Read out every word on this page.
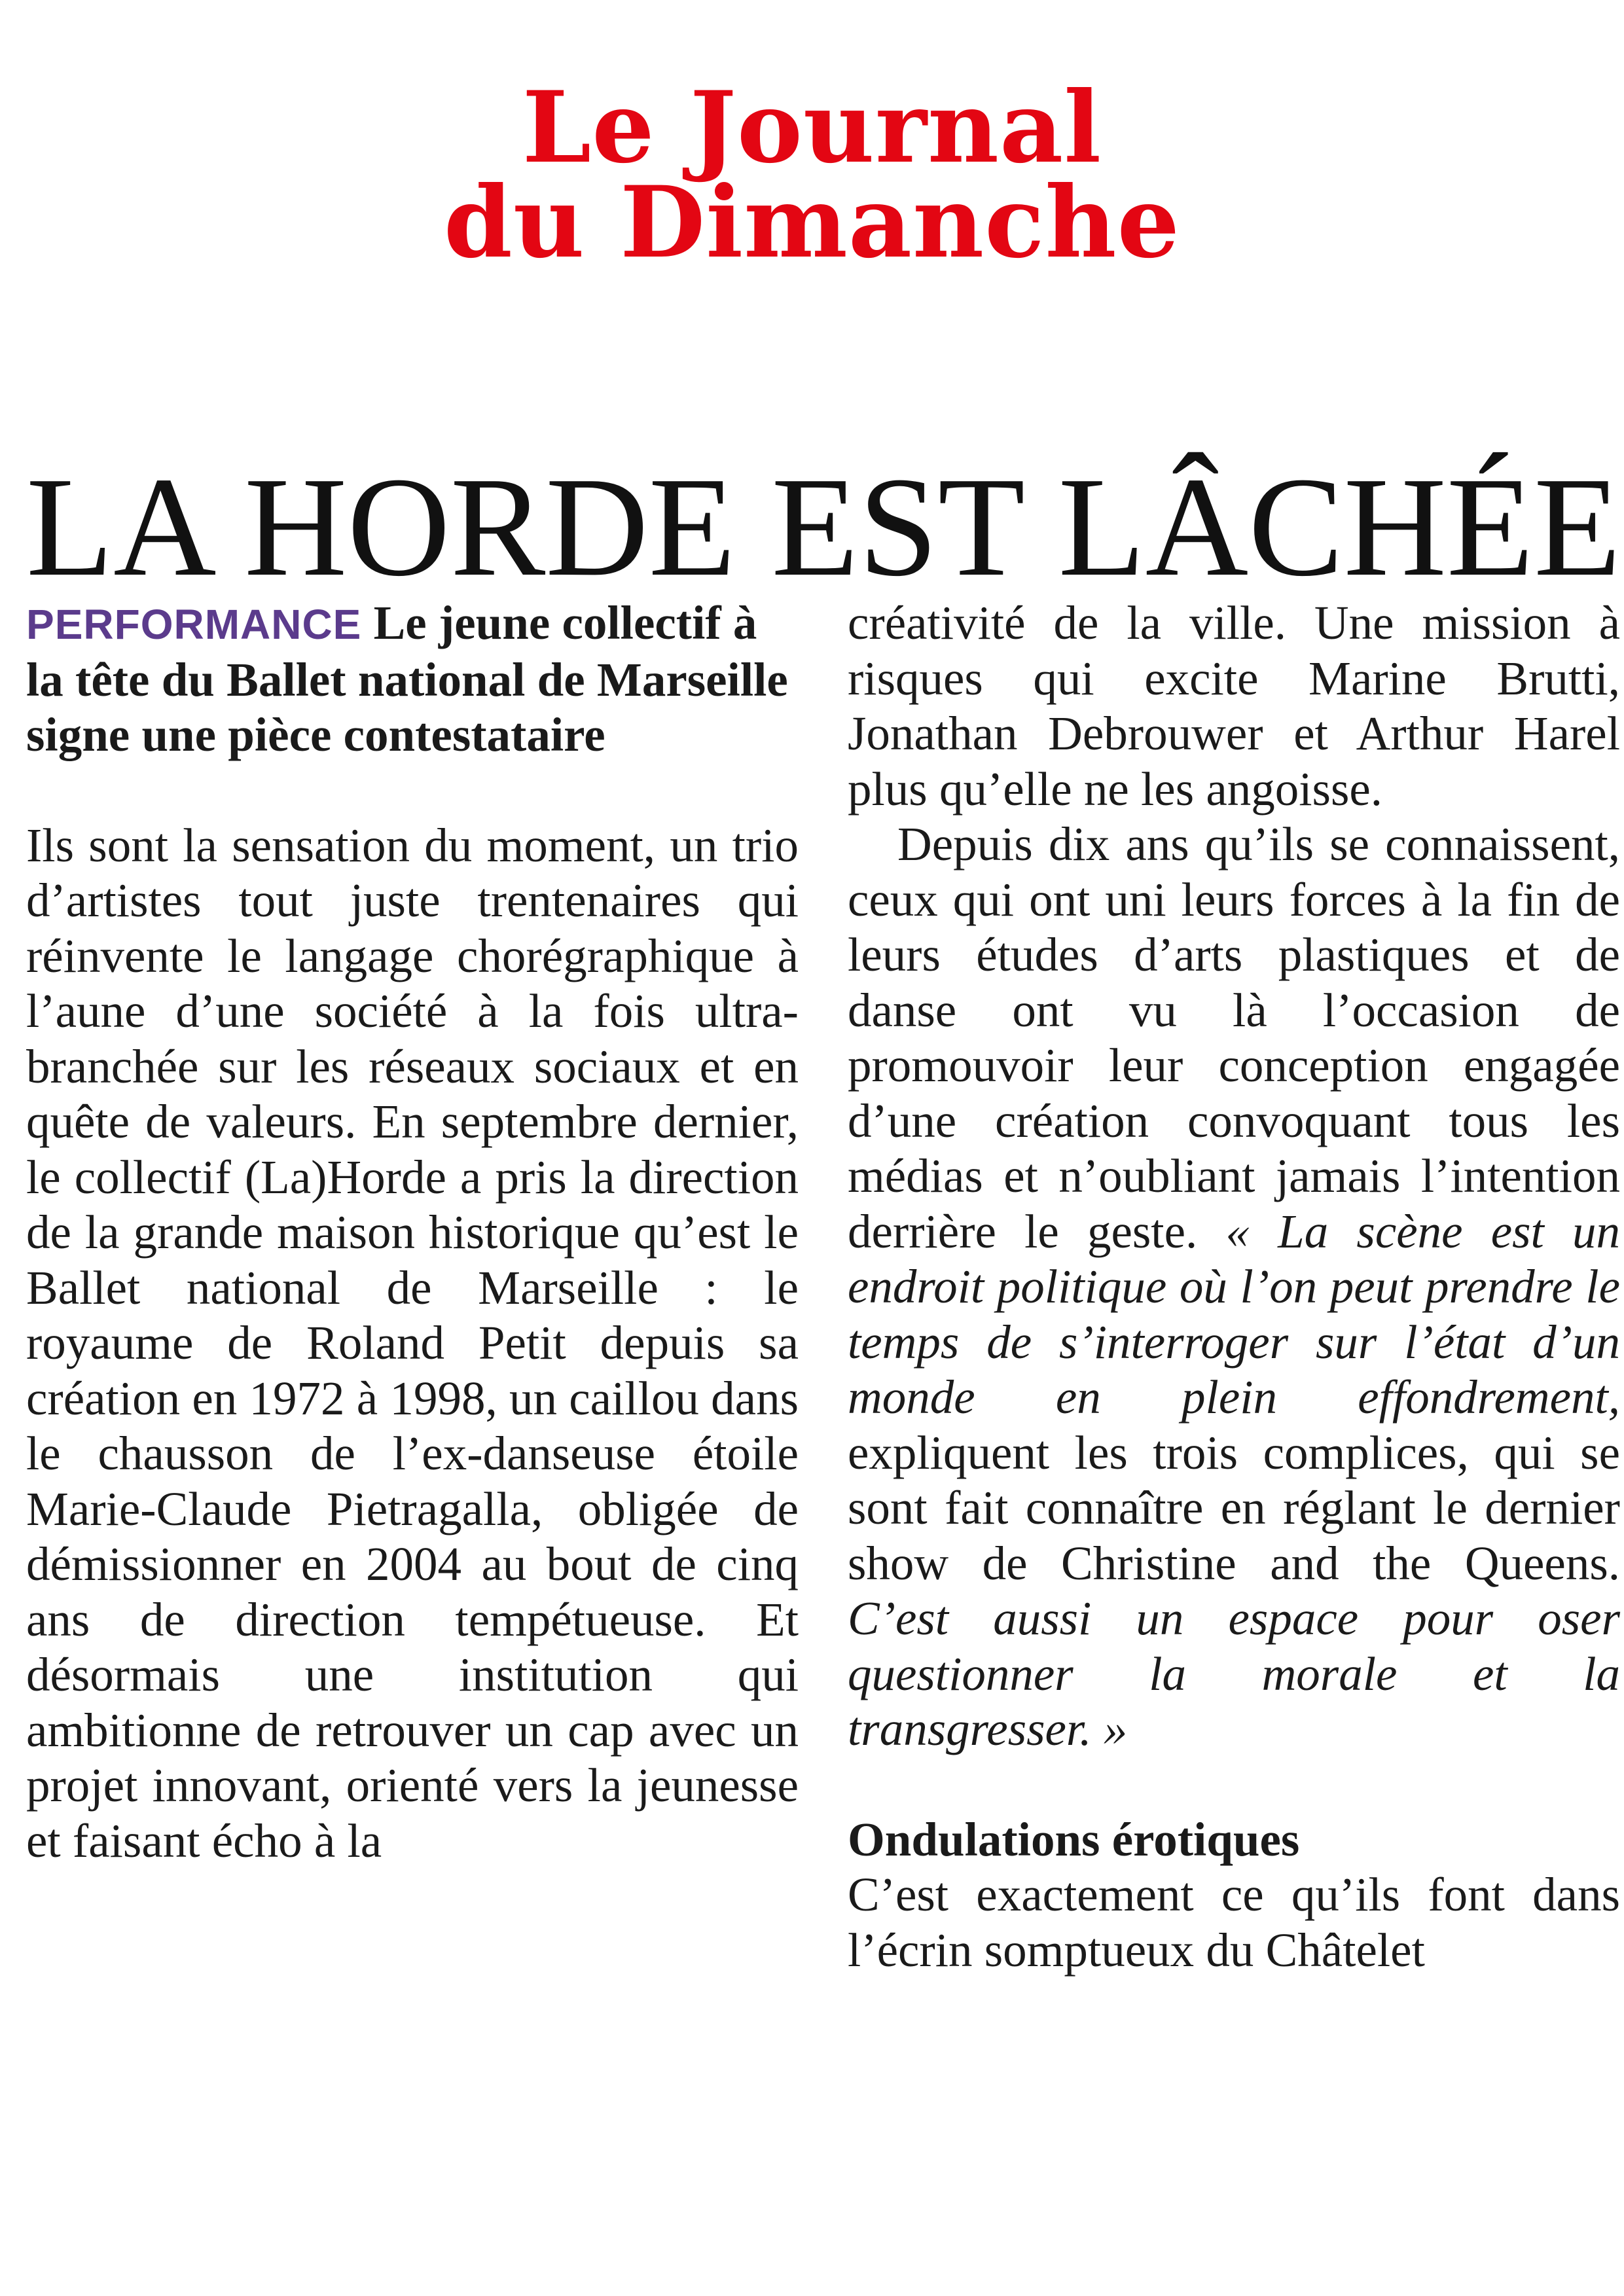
Le Journal
du Dimanche
LA HORDE EST LÂCHÉE

PERFORMANCE Le jeune collectif à la tête du Ballet national de Marseille signe une pièce contestataire

Ils sont la sensation du moment, un trio d’artistes tout juste trentenaires qui réinvente le langage chorégraphique à l’aune d’une société à la fois ultra-branchée sur les réseaux sociaux et en quête de valeurs. En septembre dernier, le collectif (La)Horde a pris la direction de la grande maison historique qu’est le Ballet national de Marseille : le royaume de Roland Petit depuis sa création en 1972 à 1998, un caillou dans le chausson de l’ex-danseuse étoile Marie-Claude Pietragalla, obligée de démissionner en 2004 au bout de cinq ans de direction tempétueuse. Et désormais une institution qui ambitionne de retrouver un cap avec un projet innovant, orienté vers la jeunesse et faisant écho à la

créativité de la ville. Une mission à risques qui excite Marine Brutti, Jonathan Debrouwer et Arthur Harel plus qu’elle ne les angoisse.

Depuis dix ans qu’ils se connaissent, ceux qui ont uni leurs forces à la fin de leurs études d’arts plastiques et de danse ont vu là l’occasion de promouvoir leur conception engagée d’une création convoquant tous les médias et n’oubliant jamais l’intention derrière le geste. « La scène est un endroit politique où l’on peut prendre le temps de s’interroger sur l’état d’un monde en plein effondrement, expliquent les trois complices, qui se sont fait connaître en réglant le dernier show de Christine and the Queens. C’est aussi un espace pour oser questionner la morale et la transgresser. »

Ondulations érotiques

C’est exactement ce qu’ils font dans l’écrin somptueux du Châtelet
